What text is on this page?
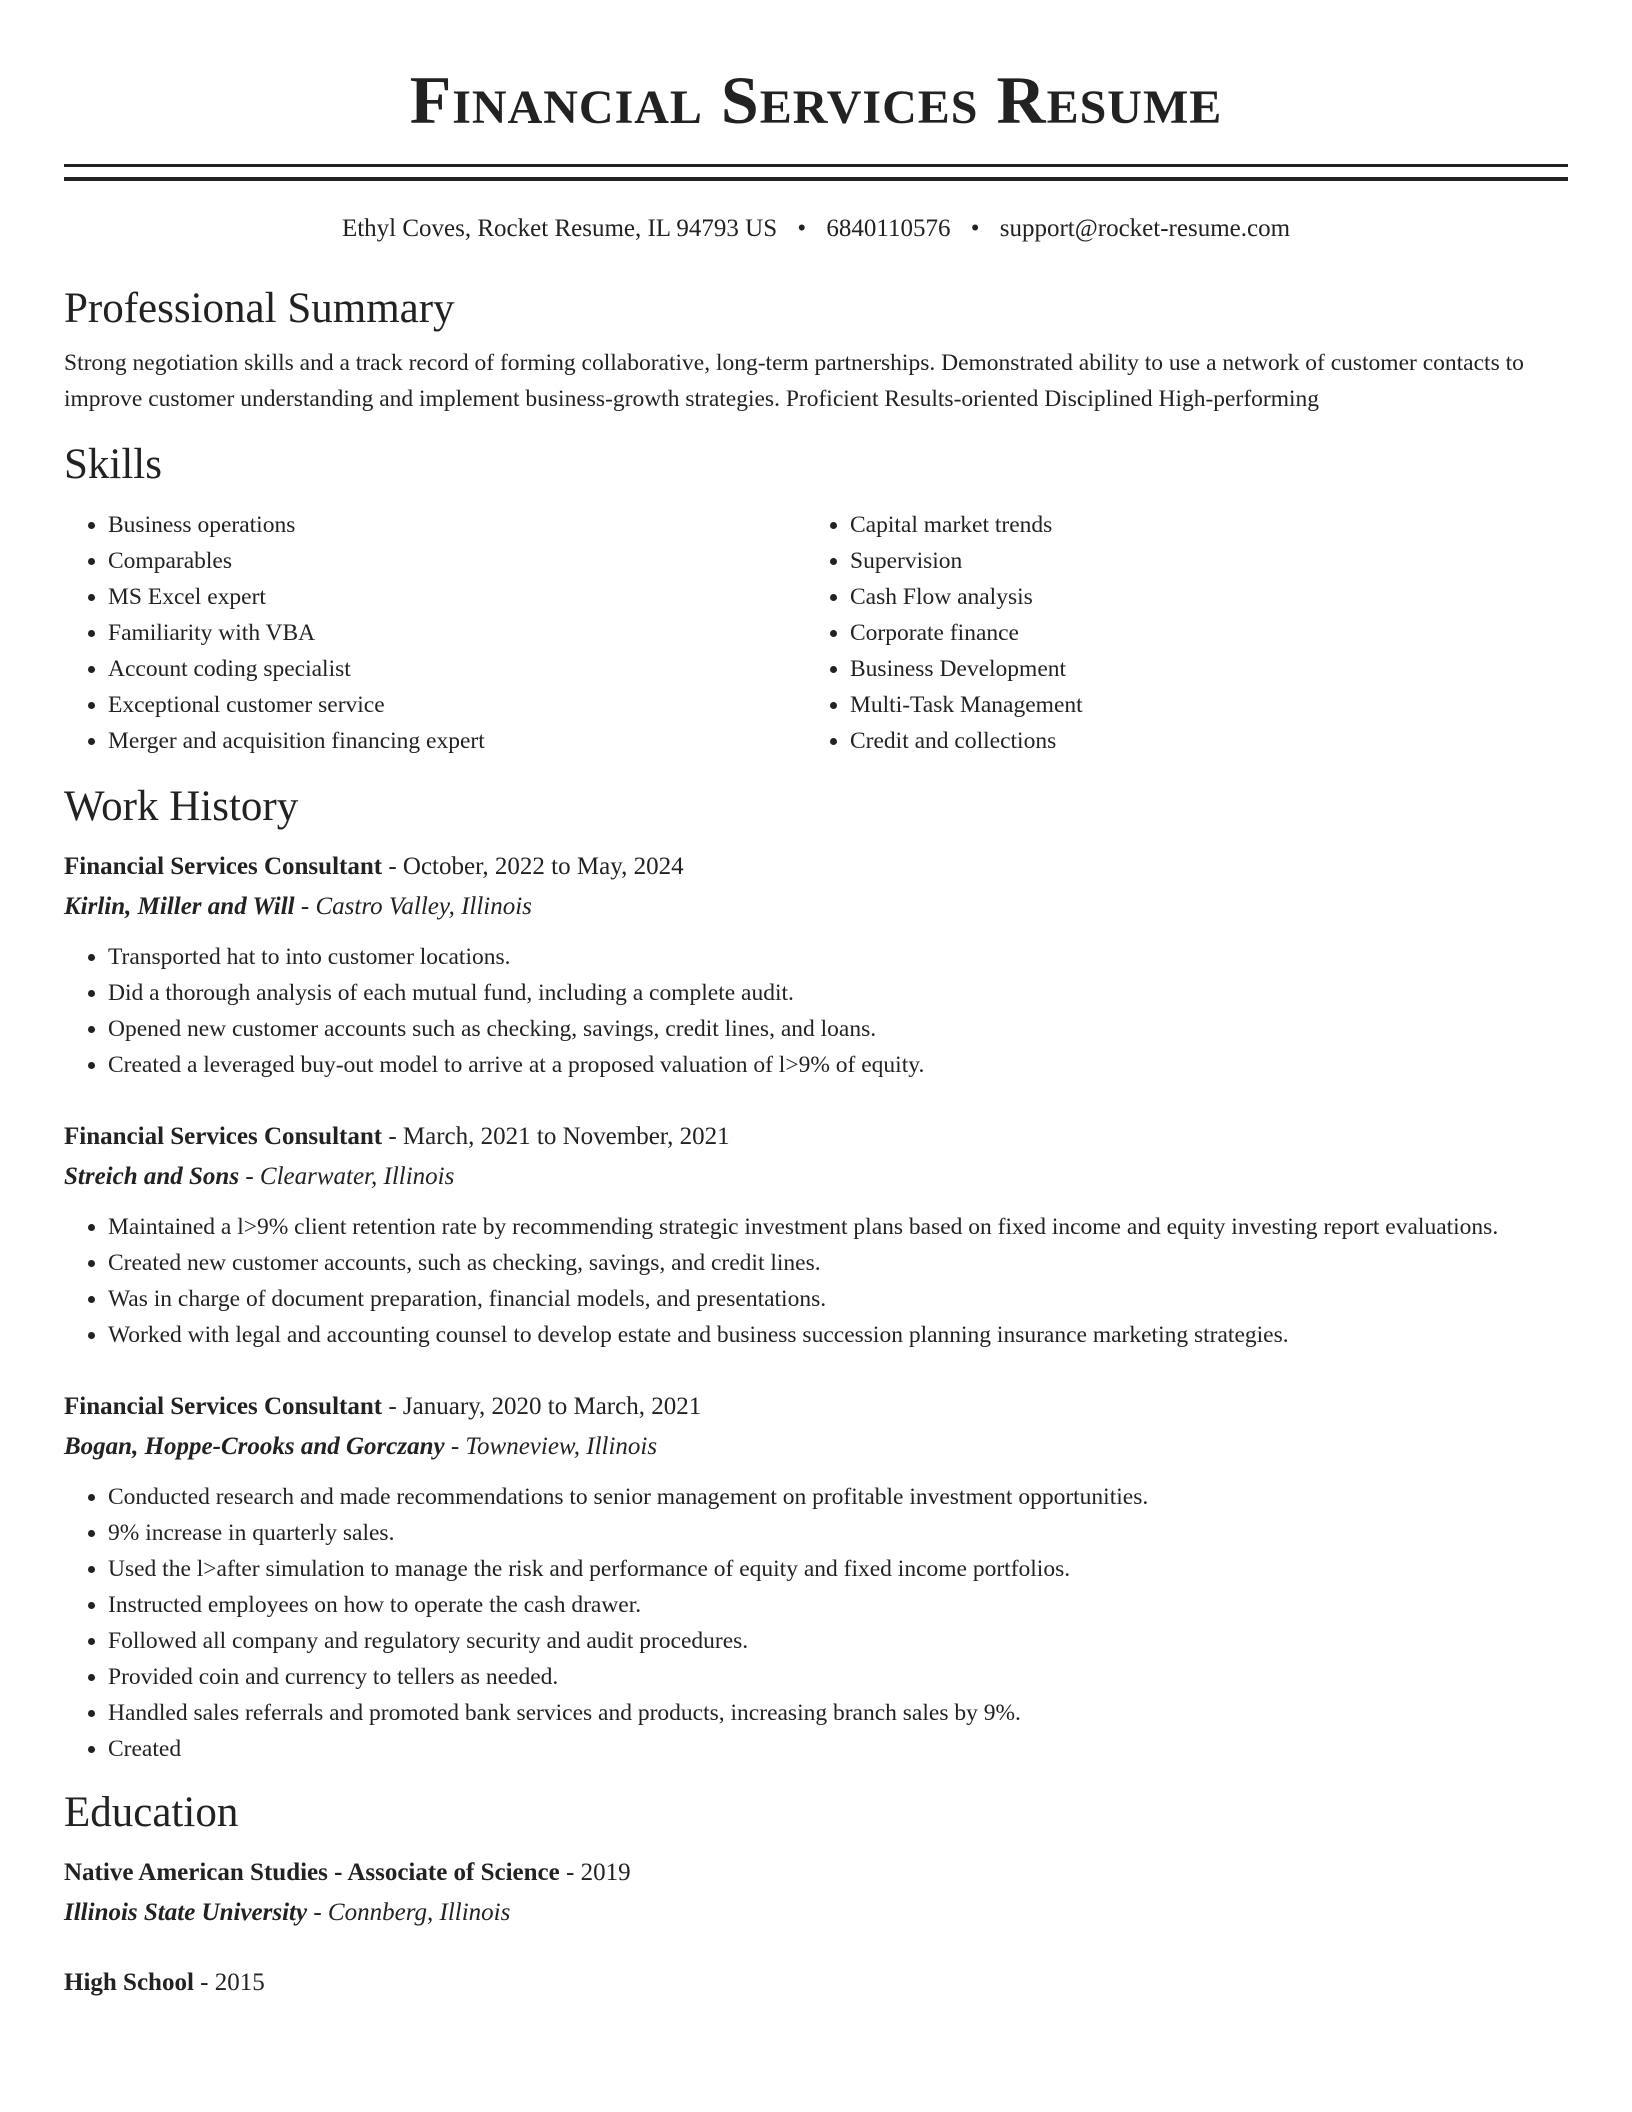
Financial Services Resume
Ethyl Coves, Rocket Resume, IL 94793 US • 6840110576 • support@rocket-resume.com
Professional Summary

Strong negotiation skills and a track record of forming collaborative, long-term partnerships. Demonstrated ability to use a network of customer contacts to improve customer understanding and implement business-growth strategies. Proficient Results-oriented Disciplined High-performing

Skills
• Business operations
• Comparables
• MS Excel expert
• Familiarity with VBA
• Account coding specialist
• Exceptional customer service
• Merger and acquisition financing expert
• Capital market trends
• Supervision
• Cash Flow analysis
• Corporate finance
• Business Development
• Multi-Task Management
• Credit and collections
Work History
Financial Services Consultant - October, 2022 to May, 2024
Kirlin, Miller and Will - Castro Valley, Illinois
• Transported hat to into customer locations.
• Did a thorough analysis of each mutual fund, including a complete audit.
• Opened new customer accounts such as checking, savings, credit lines, and loans.
• Created a leveraged buy-out model to arrive at a proposed valuation of l>9% of equity.
Financial Services Consultant - March, 2021 to November, 2021
Streich and Sons - Clearwater, Illinois
• Maintained a l>9% client retention rate by recommending strategic investment plans based on fixed income and equity investing report evaluations.
• Created new customer accounts, such as checking, savings, and credit lines.
• Was in charge of document preparation, financial models, and presentations.
• Worked with legal and accounting counsel to develop estate and business succession planning insurance marketing strategies.
Financial Services Consultant - January, 2020 to March, 2021
Bogan, Hoppe-Crooks and Gorczany - Towneview, Illinois
• Conducted research and made recommendations to senior management on profitable investment opportunities.
• 9% increase in quarterly sales.
• Used the l>after simulation to manage the risk and performance of equity and fixed income portfolios.
• Instructed employees on how to operate the cash drawer.
• Followed all company and regulatory security and audit procedures.
• Provided coin and currency to tellers as needed.
• Handled sales referrals and promoted bank services and products, increasing branch sales by 9%.
• Created
Education
Native American Studies - Associate of Science - 2019
Illinois State University - Connberg, Illinois
High School - 2015
